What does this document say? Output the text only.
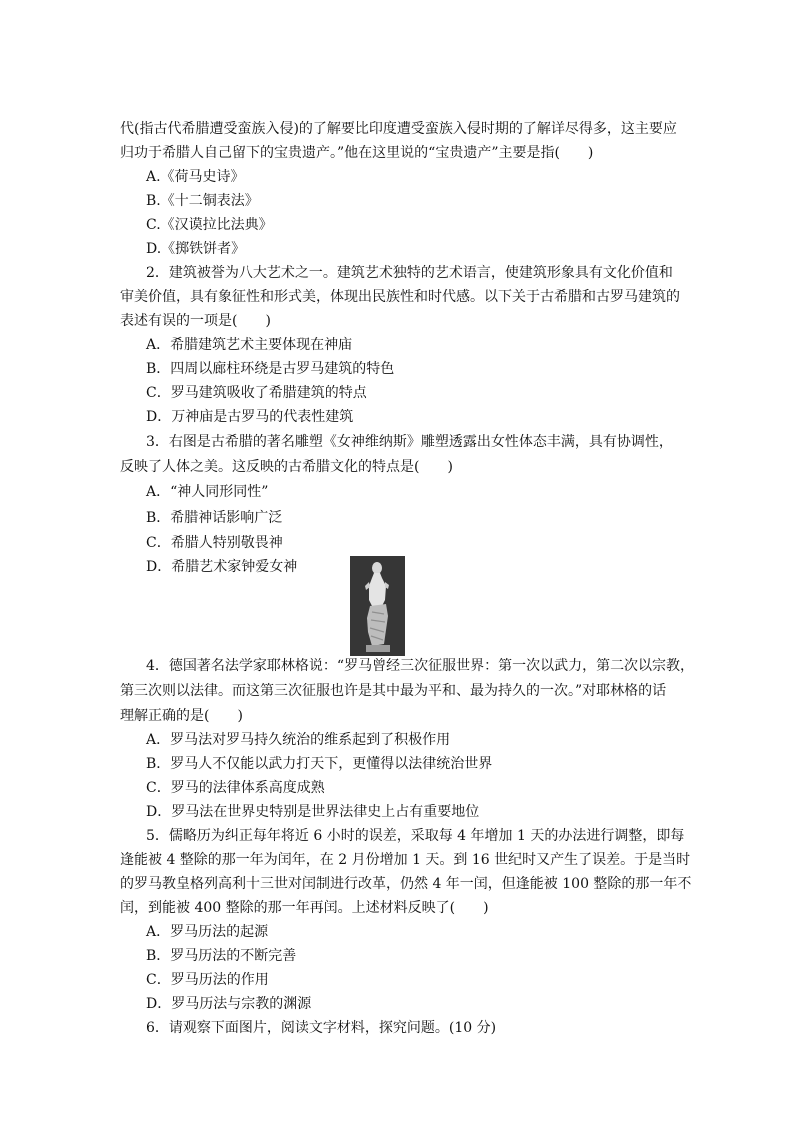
代(指古代希腊遭受蛮族入侵)的了解要比印度遭受蛮族入侵时期的了解详尽得多，这主要应
归功于希腊人自己留下的宝贵遗产。”他在这里说的“宝贵遗产”主要是指(　　)
A.《荷马史诗》
B.《十二铜表法》
C.《汉谟拉比法典》
D.《掷铁饼者》
2．建筑被誉为八大艺术之一。建筑艺术独特的艺术语言，使建筑形象具有文化价值和
审美价值，具有象征性和形式美，体现出民族性和时代感。以下关于古希腊和古罗马建筑的
表述有误的一项是(　　)
A．希腊建筑艺术主要体现在神庙
B．四周以廊柱环绕是古罗马建筑的特色
C．罗马建筑吸收了希腊建筑的特点
D．万神庙是古罗马的代表性建筑
3．右图是古希腊的著名雕塑《女神维纳斯》雕塑透露出女性体态丰满，具有协调性，
反映了人体之美。这反映的古希腊文化的特点是(　　)
A．“神人同形同性”
B．希腊神话影响广泛
C．希腊人特别敬畏神
D．希腊艺术家钟爱女神
4．德国著名法学家耶林格说：“罗马曾经三次征服世界：第一次以武力，第二次以宗教，
第三次则以法律。而这第三次征服也许是其中最为平和、最为持久的一次。”对耶林格的话
理解正确的是(　　)
A．罗马法对罗马持久统治的维系起到了积极作用
B．罗马人不仅能以武力打天下，更懂得以法律统治世界
C．罗马的法律体系高度成熟
D．罗马法在世界史特别是世界法律史上占有重要地位
5．儒略历为纠正每年将近 6 小时的误差，采取每 4 年增加 1 天的办法进行调整，即每
逢能被 4 整除的那一年为闰年，在 2 月份增加 1 天。到 16 世纪时又产生了误差。于是当时
的罗马教皇格列高利十三世对闰制进行改革，仍然 4 年一闰，但逢能被 100 整除的那一年不
闰，到能被 400 整除的那一年再闰。上述材料反映了(　　)
A．罗马历法的起源
B．罗马历法的不断完善
C．罗马历法的作用
D．罗马历法与宗教的渊源
6．请观察下面图片，阅读文字材料，探究问题。(10 分)
